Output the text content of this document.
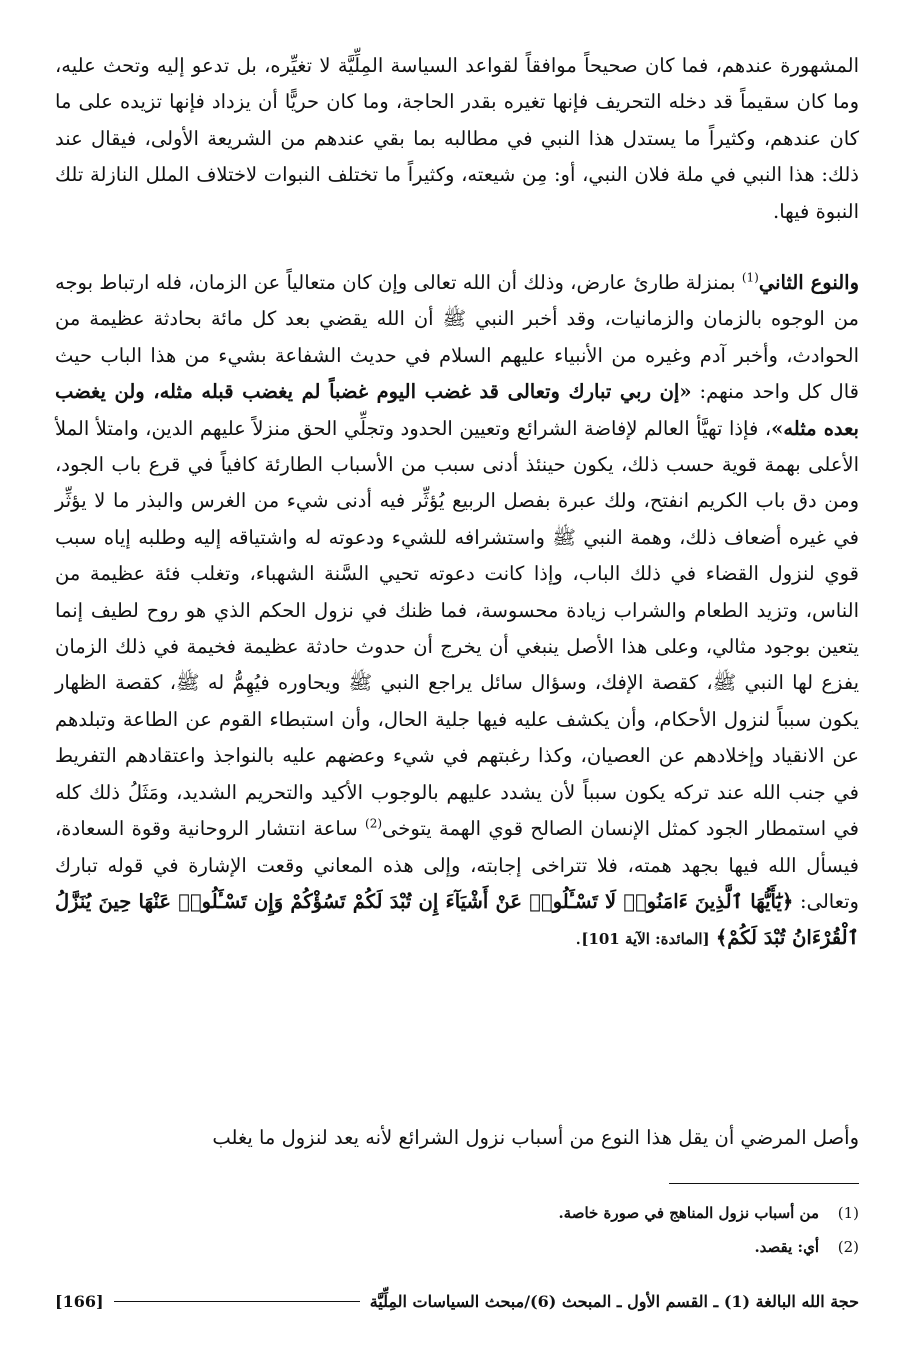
المشهورة عندهم، فما كان صحيحاً موافقاً لقواعد السياسة المِلِّيَّة لا تغيِّره، بل تدعو إليه وتحث عليه، وما كان سقيماً قد دخله التحريف فإنها تغيره بقدر الحاجة، وما كان حريًّا أن يزداد فإنها تزيده على ما كان عندهم، وكثيراً ما يستدل هذا النبي في مطالبه بما بقي عندهم من الشريعة الأولى، فيقال عند ذلك: هذا النبي في ملة فلان النبي، أو: مِن شيعته، وكثيراً ما تختلف النبوات لاختلاف الملل النازلة تلك النبوة فيها.

والنوع الثاني$^{(1)}$ بمنزلة طارئ عارض، وذلك أن الله تعالى وإن كان متعالياً عن الزمان، فله ارتباط بوجه من الوجوه بالزمان والزمانيات، وقد أخبر النبي ﷺ أن الله يقضي بعد كل مائة بحادثة عظيمة من الحوادث، وأخبر آدم وغيره من الأنبياء عليهم السلام في حديث الشفاعة بشيء من هذا الباب حيث قال كل واحد منهم: «إن ربي تبارك وتعالى قد غضب اليوم غضباً لم يغضب قبله مثله، ولن يغضب بعده مثله»، فإذا تهيَّأ العالم لإفاضة الشرائع وتعيين الحدود وتجلِّي الحق منزلاً عليهم الدين، وامتلأ الملأ الأعلى بهمة قوية حسب ذلك، يكون حينئذ أدنى سبب من الأسباب الطارئة كافياً في قرع باب الجود، ومن دق باب الكريم انفتح، ولك عبرة بفصل الربيع يُؤثِّر فيه أدنى شيء من الغرس والبذر ما لا يؤثِّر في غيره أضعاف ذلك، وهمة النبي ﷺ واستشرافه للشيء ودعوته له واشتياقه إليه وطلبه إياه سبب قوي لنزول القضاء في ذلك الباب، وإذا كانت دعوته تحيي السَّنة الشهباء، وتغلب فئة عظيمة من الناس، وتزيد الطعام والشراب زيادة محسوسة، فما ظنك في نزول الحكم الذي هو روح لطيف إنما يتعين بوجود مثالي، وعلى هذا الأصل ينبغي أن يخرج أن حدوث حادثة عظيمة فخيمة في ذلك الزمان يفزع لها النبي ﷺ، كقصة الإفك، وسؤال سائل يراجع النبي ﷺ ويحاوره فيُهِمُّ له ﷺ، كقصة الظهار يكون سبباً لنزول الأحكام، وأن يكشف عليه فيها جلية الحال، وأن استبطاء القوم عن الطاعة وتبلدهم عن الانقياد وإخلادهم عن العصيان، وكذا رغبتهم في شيء وعضهم عليه بالنواجذ واعتقادهم التفريط في جنب الله عند تركه يكون سبباً لأن يشدد عليهم بالوجوب الأكيد والتحريم الشديد، ومَثَلُ ذلك كله في استمطار الجود كمثل الإنسان الصالح قوي الهمة يتوخى$^{(2)}$ ساعة انتشار الروحانية وقوة السعادة، فيسأل الله فيها بجهد همته، فلا تتراخى إجابته، وإلى هذه المعاني وقعت الإشارة في قوله تبارك وتعالى: ﴿يَٰٓأَيُّهَا ٱلَّذِينَ ءَامَنُوا۟ لَا تَسْـَٔلُوا۟ عَنْ أَشْيَآءَ إِن تُبْدَ لَكُمْ تَسُؤْكُمْ وَإِن تَسْـَٔلُوا۟ عَنْهَا حِينَ يُنَزَّلُ ٱلْقُرْءَانُ تُبْدَ لَكُمْ﴾ [المائدة: الآية 101].

وأصل المرضي أن يقل هذا النوع من أسباب نزول الشرائع لأنه يعد لنزول ما يغلب

(1)من أسباب نزول المناهج في صورة خاصة.
(2)أي: يقصد.
حجة الله البالغة (1) ـ القسم الأول ـ المبحث (6)/مبحث السياسات المِلِّيَّة
[166]
